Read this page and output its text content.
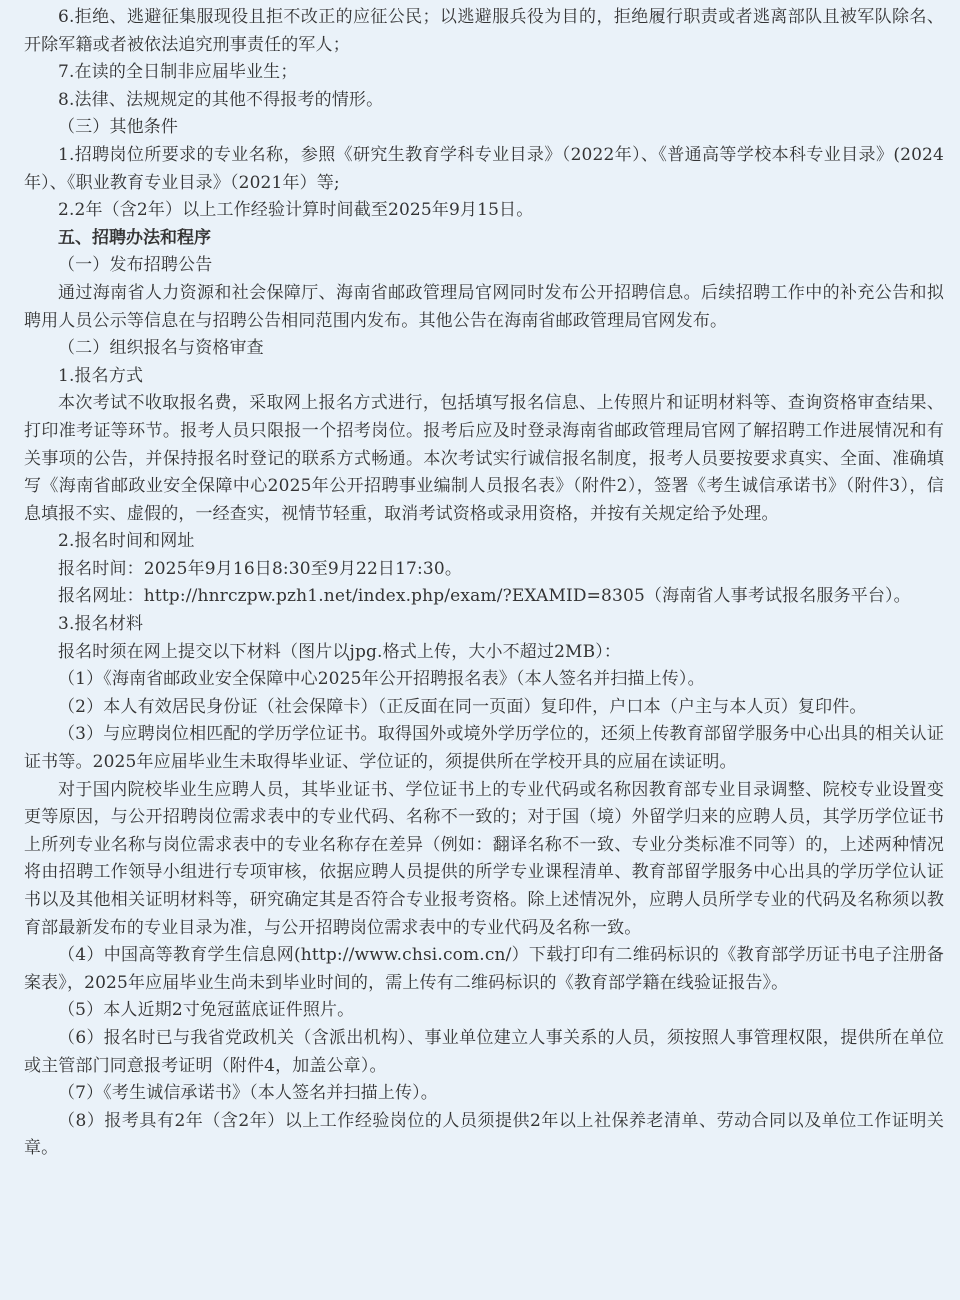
6.拒绝、逃避征集服现役且拒不改正的应征公民；以逃避服兵役为目的，拒绝履行职责或者逃离部队且被军队除名、开除军籍或者被依法追究刑事责任的军人；

7.在读的全日制非应届毕业生；

8.法律、法规规定的其他不得报考的情形。

（三）其他条件

1.招聘岗位所要求的专业名称，参照《研究生教育学科专业目录》（2022年）、《普通高等学校本科专业目录》(2024年）、《职业教育专业目录》（2021年）等;

2.2年（含2年）以上工作经验计算时间截至2025年9月15日。

五、招聘办法和程序

（一）发布招聘公告

通过海南省人力资源和社会保障厅、海南省邮政管理局官网同时发布公开招聘信息。后续招聘工作中的补充公告和拟聘用人员公示等信息在与招聘公告相同范围内发布。其他公告在海南省邮政管理局官网发布。

（二）组织报名与资格审查

1.报名方式

本次考试不收取报名费，采取网上报名方式进行，包括填写报名信息、上传照片和证明材料等、查询资格审查结果、打印准考证等环节。报考人员只限报一个招考岗位。报考后应及时登录海南省邮政管理局官网了解招聘工作进展情况和有关事项的公告，并保持报名时登记的联系方式畅通。本次考试实行诚信报名制度，报考人员要按要求真实、全面、准确填写《海南省邮政业安全保障中心2025年公开招聘事业编制人员报名表》（附件2），签署《考生诚信承诺书》（附件3），信息填报不实、虚假的，一经查实，视情节轻重，取消考试资格或录用资格，并按有关规定给予处理。

2.报名时间和网址

报名时间：2025年9月16日8:30至9月22日17:30。

报名网址：http://hnrczpw.pzh1.net/index.php/exam/?EXAMID=8305（海南省人事考试报名服务平台）。

3.报名材料

报名时须在网上提交以下材料（图片以jpg.格式上传，大小不超过2MB）：

（1）《海南省邮政业安全保障中心2025年公开招聘报名表》（本人签名并扫描上传）。

（2）本人有效居民身份证（社会保障卡）（正反面在同一页面）复印件，户口本（户主与本人页）复印件。

（3）与应聘岗位相匹配的学历学位证书。取得国外或境外学历学位的，还须上传教育部留学服务中心出具的相关认证证书等。2025年应届毕业生未取得毕业证、学位证的，须提供所在学校开具的应届在读证明。

对于国内院校毕业生应聘人员，其毕业证书、学位证书上的专业代码或名称因教育部专业目录调整、院校专业设置变更等原因，与公开招聘岗位需求表中的专业代码、名称不一致的；对于国（境）外留学归来的应聘人员，其学历学位证书上所列专业名称与岗位需求表中的专业名称存在差异（例如：翻译名称不一致、专业分类标准不同等）的，上述两种情况将由招聘工作领导小组进行专项审核，依据应聘人员提供的所学专业课程清单、教育部留学服务中心出具的学历学位认证书以及其他相关证明材料等，研究确定其是否符合专业报考资格。除上述情况外，应聘人员所学专业的代码及名称须以教育部最新发布的专业目录为准，与公开招聘岗位需求表中的专业代码及名称一致。

（4）中国高等教育学生信息网(http://www.chsi.com.cn/）下载打印有二维码标识的《教育部学历证书电子注册备案表》，2025年应届毕业生尚未到毕业时间的，需上传有二维码标识的《教育部学籍在线验证报告》。

（5）本人近期2寸免冠蓝底证件照片。

（6）报名时已与我省党政机关（含派出机构）、事业单位建立人事关系的人员，须按照人事管理权限，提供所在单位或主管部门同意报考证明（附件4，加盖公章）。

（7）《考生诚信承诺书》（本人签名并扫描上传）。

（8）报考具有2年（含2年）以上工作经验岗位的人员须提供2年以上社保养老清单、劳动合同以及单位工作证明关章。
